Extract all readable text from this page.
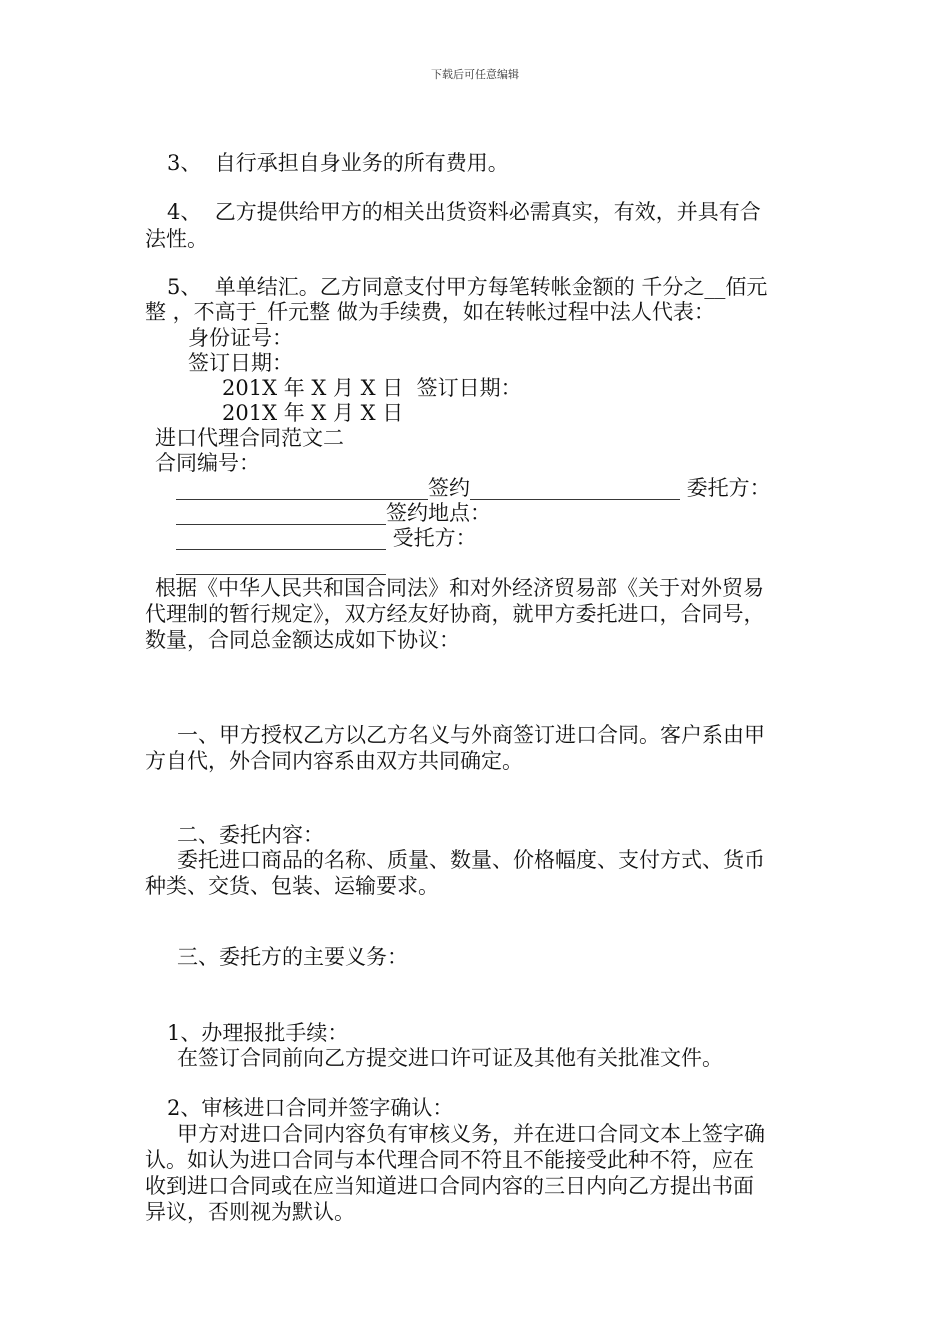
下载后可任意编辑
3、  自行承担自身业务的所有费用。
4、  乙方提供给甲方的相关出货资料必需真实，有效，并具有合
法性。
5、  单单结汇。乙方同意支付甲方每笔转帐金额的 千分之__佰元
整 ，不高于_仟元整 做为手续费，如在转帐过程中法人代表：
身份证号：
签订日期：
201X 年 X 月 X 日  签订日期：
201X 年 X 月 X 日
进口代理合同范文二
合同编号：
________________________签约____________________ 委托方：
____________________签约地点：
____________________ 受托方：
____________________
根据《中华人民共和国合同法》和对外经济贸易部《关于对外贸易
代理制的暂行规定》，双方经友好协商，就甲方委托进口，合同号，
数量，合同总金额达成如下协议：
一、甲方授权乙方以乙方名义与外商签订进口合同。客户系由甲
方自代，外合同内容系由双方共同确定。
二、委托内容：
委托进口商品的名称、质量、数量、价格幅度、支付方式、货币
种类、交货、包装、运输要求。
三、委托方的主要义务：
1、办理报批手续：
在签订合同前向乙方提交进口许可证及其他有关批准文件。
2、审核进口合同并签字确认：
甲方对进口合同内容负有审核义务，并在进口合同文本上签字确
认。如认为进口合同与本代理合同不符且不能接受此种不符，应在
收到进口合同或在应当知道进口合同内容的三日内向乙方提出书面
异议，否则视为默认。
